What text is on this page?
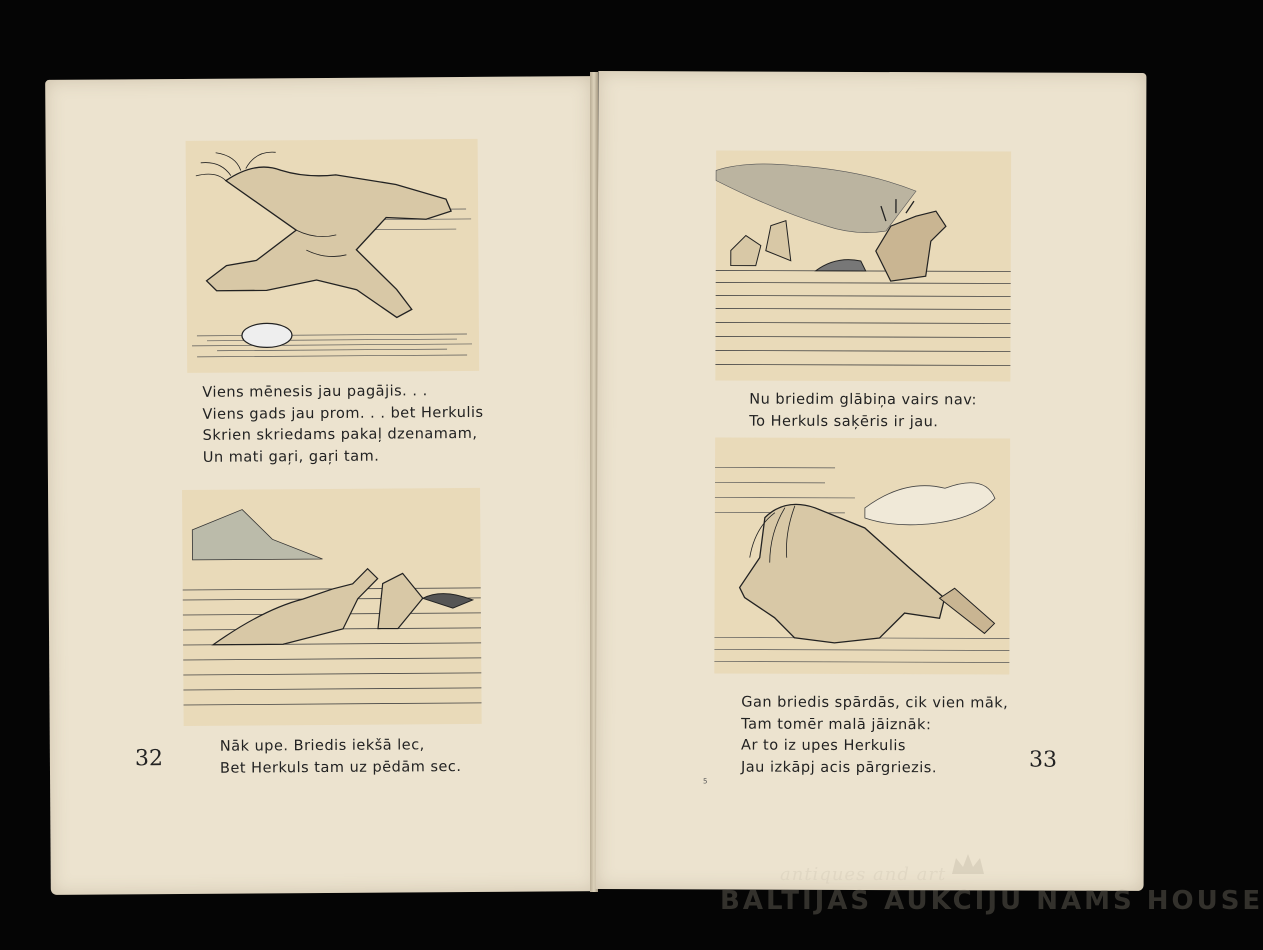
Viens mēnesis jau pagājis. . .
Viens gads jau prom. . . bet Herkulis
Skrien skriedams pakaļ dzenamam,
Un mati gaŗi, gaŗi tam.
32
Nāk upe. Briedis iekšā lec,
Bet Herkuls tam uz pēdām sec.
Nu briedim glābiņa vairs nav:
To Herkuls saķēris ir jau.
Gan briedis spārdās, cik vien māk,
Tam tomēr malā jāiznāk:
Ar to iz upes Herkulis
Jau izkāpj acis pārgriezis.	33
5
antiques and art
BALTIJAS AUKCIJU NAMS HOUSE
